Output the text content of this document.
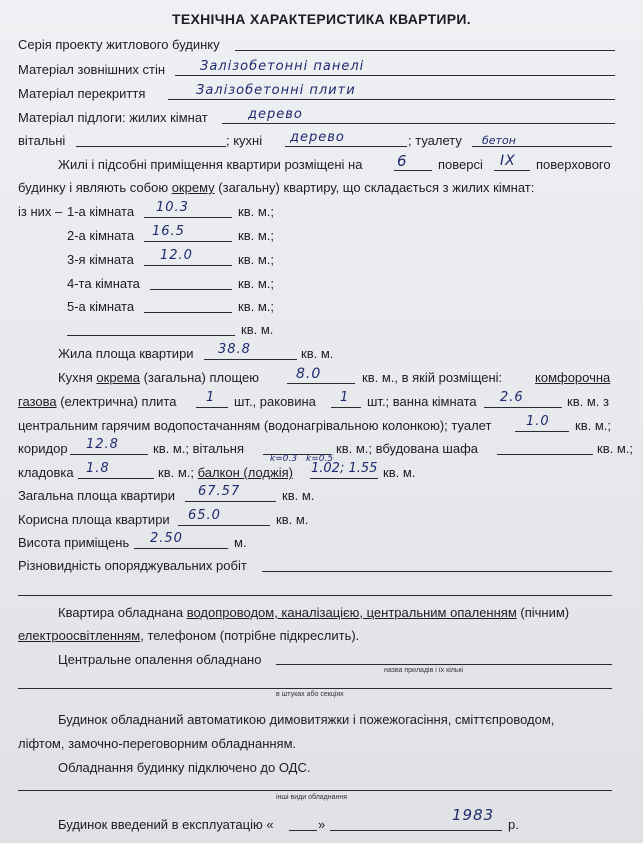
ТЕХНІЧНА ХАРАКТЕРИСТИКА КВАРТИРИ.
Серія проекту житлового будинку
Матеріал зовнішних стін	Залізобетонні панелі
Матеріал перекриття	Залізобетонні плити
Матеріал підлоги: жилих кімнат	дерево
вітальні	; кухні дерево	; туалету бетон
Жилі і підсобні приміщення квартири розміщені на 6 поверсі IX поверхового
будинку і являють собою окрему (загальну) квартиру, що складається з жилих кімнат:
із них – 1-а кімната 10.3	кв. м.;
2-а кімната 16.5	кв. м.;
3-я кімната 12.0	кв. м.;
4-та кімната	кв. м.;
5-а кімната	кв. м.;
кв. м.
Жила площа квартири 38.8	кв. м.
Кухня окрема (загальна) площею	8.0	кв. м., в якій розміщені:	комфорочна
газова (електрична) плита 1 шт., раковина 1 шт.; ванна кімната 2.6	кв. м. з
центральним гарячим водопостачанням (водонагрівальною колонкою); туалет	1.0 кв. м.;
коридор 12.8	кв. м.; вітальня	кв. м.; вбудована шафа	кв. м.;
k=0.3 k=0.5
кладовка 1.8	кв. м.; балкон (лоджія) 1.02; 1.55 кв. м.
Загальна площа квартири 67.57	кв. м.
Корисна площа квартири 65.0	кв. м.
Висота приміщень 2.50	м.
Різновидність опоряджувальних робіт
Квартира обладнана водопроводом, каналізацією, центральним опаленням (пічним)
електроосвітленням, телефоном (потрібне підкреслить).
Центральне опалення обладнано
назва приладів і їх кількі
в штуках або секціях
Будинок обладнаний автоматикою димовитяжки і пожежогасіння, сміттєпроводом,
ліфтом, замочно-переговорним обладнанням.
Обладнання будинку підключено до ОДС.
інші види обладнання
Будинок введений в експлуатацію «	»
1983
р.
